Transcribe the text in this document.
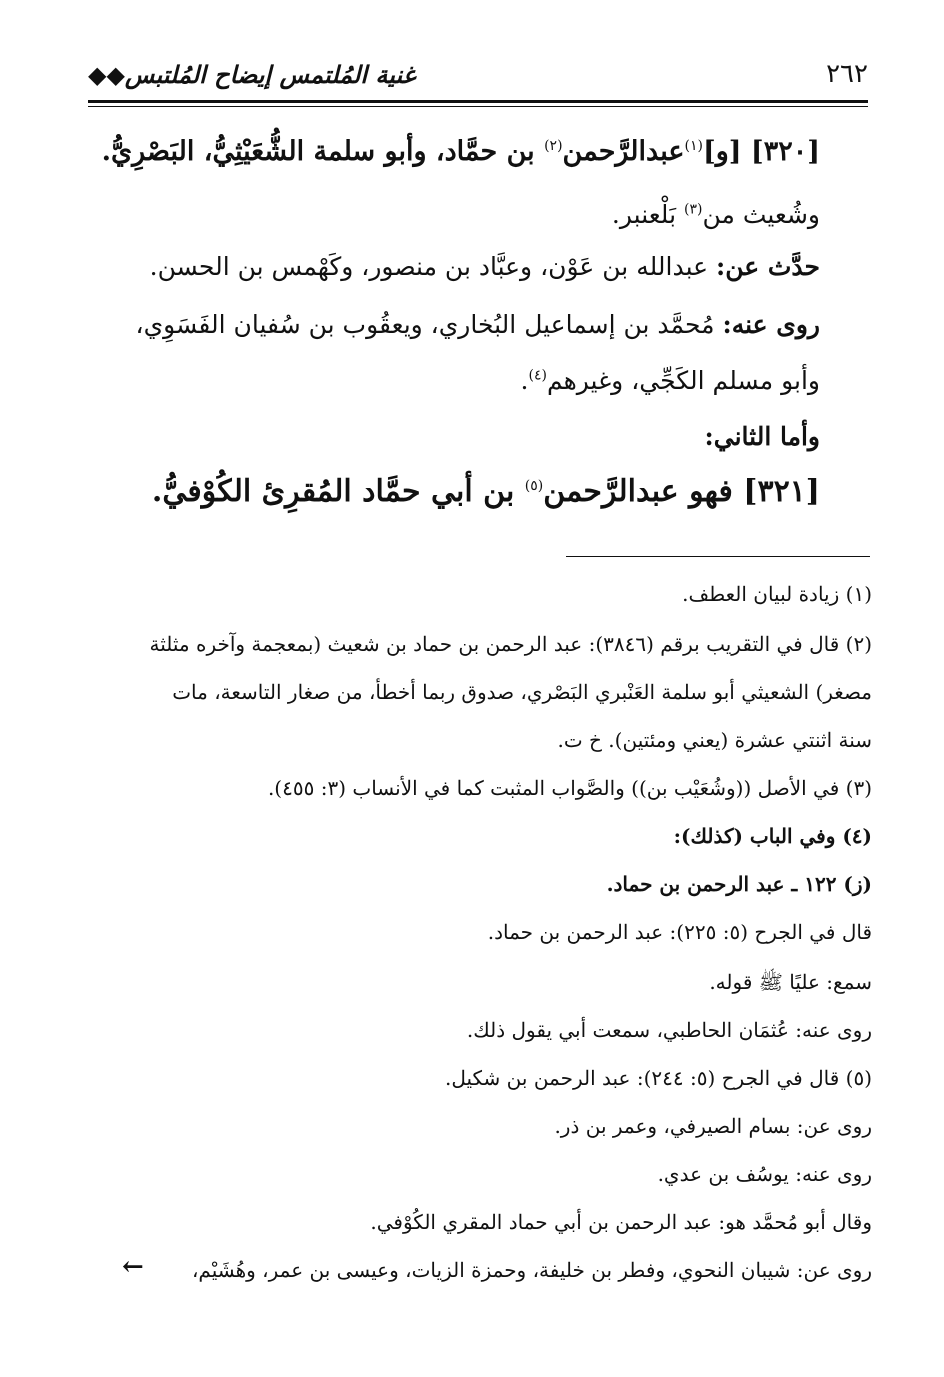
غنية المُلتمس إيضاح المُلتبس◆◆	٢٦٢
[٣٢٠] [و]$^{(١)}$عبدالرَّحمن$^{(٢)}$ بن حمَّاد، وأبو سلمة الشُّعَيْثِيُّ، البَصْرِيُّ.
وشُعيث من$^{(٣)}$ بَلْعنبر.
حدَّث عن: عبدالله بن عَوْن، وعبَّاد بن منصور، وكَهْمس بن الحسن.
روى عنه: مُحمَّد بن إسماعيل البُخاري، ويعقُوب بن سُفيان الفَسَوِي،
وأبو مسلم الكَجِّي، وغيرهم$^{(٤)}$.
وأما الثاني:
[٣٢١] فهو عبدالرَّحمن$^{(٥)}$ بن أبي حمَّاد المُقرِئ الكُوْفيُّ.
(١) زيادة لبيان العطف.
(٢) قال في التقريب برقم (٣٨٤٦): عبد الرحمن بن حماد بن شعيث (بمعجمة وآخره مثلثة
مصغر) الشعيثي أبو سلمة العَنْبري البَصْري، صدوق ربما أخطأ، من صغار التاسعة، مات
سنة اثنتي عشرة (يعني ومئتين). خ ت.
(٣) في الأصل ((وشُعَيْب بن)) والصَّواب المثبت كما في الأنساب (٣: ٤٥٥).
(٤) وفي الباب (كذلك):
(ز) ١٢٢ ـ عبد الرحمن بن حماد.
قال في الجرح (٥: ٢٢٥): عبد الرحمن بن حماد.
سمع: عليًا ﷺ قوله.
روى عنه: عُثمَان الحاطبي، سمعت أبي يقول ذلك.
(٥) قال في الجرح (٥: ٢٤٤): عبد الرحمن بن شكيل.
روى عن: بسام الصيرفي، وعمر بن ذر.
روى عنه: يوسُف بن عدي.
وقال أبو مُحمَّد هو: عبد الرحمن بن أبي حماد المقري الكُوْفي.
روى عن: شيبان النحوي، وفطر بن خليفة، وحمزة الزيات، وعيسى بن عمر، وهُشَيْم،
←
